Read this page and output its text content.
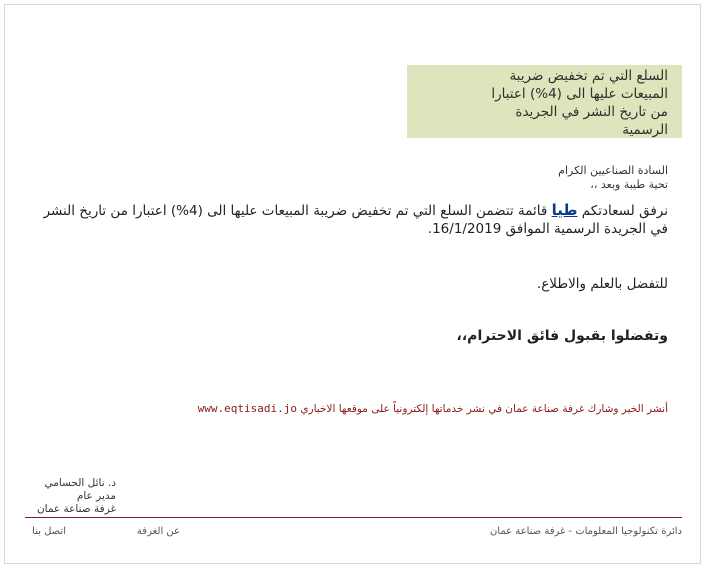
السلع التي تم تخفيض ضريبة
المبيعات عليها الى (4%) اعتبارا
من تاريخ النشر في الجريدة
الرسمية
السادة الصناعيين الكرام
تحية طيبة وبعد ،،
نرفق لسعادتكم طيا قائمة تتضمن السلع التي تم تخفيض ضريبة المبيعات عليها الى (4%) اعتبارا من تاريخ النشر في الجريدة الرسمية الموافق 16/1/2019.
للتفضل بالعلم والاطلاع.
وتفضلوا بقبول فائق الاحترام،،
أنشر الخير وشارك غرفة صناعة عمان في نشر خدماتها إلكترونياً على موقعها الاخباري www.eqtisadi.jo
د. نائل الحسامي
مدير عام
غرفة صناعة عمان
دائرة تكنولوجيا المعلومات - غرفة صناعة عمان
عن الغرفة
اتصل بنا
